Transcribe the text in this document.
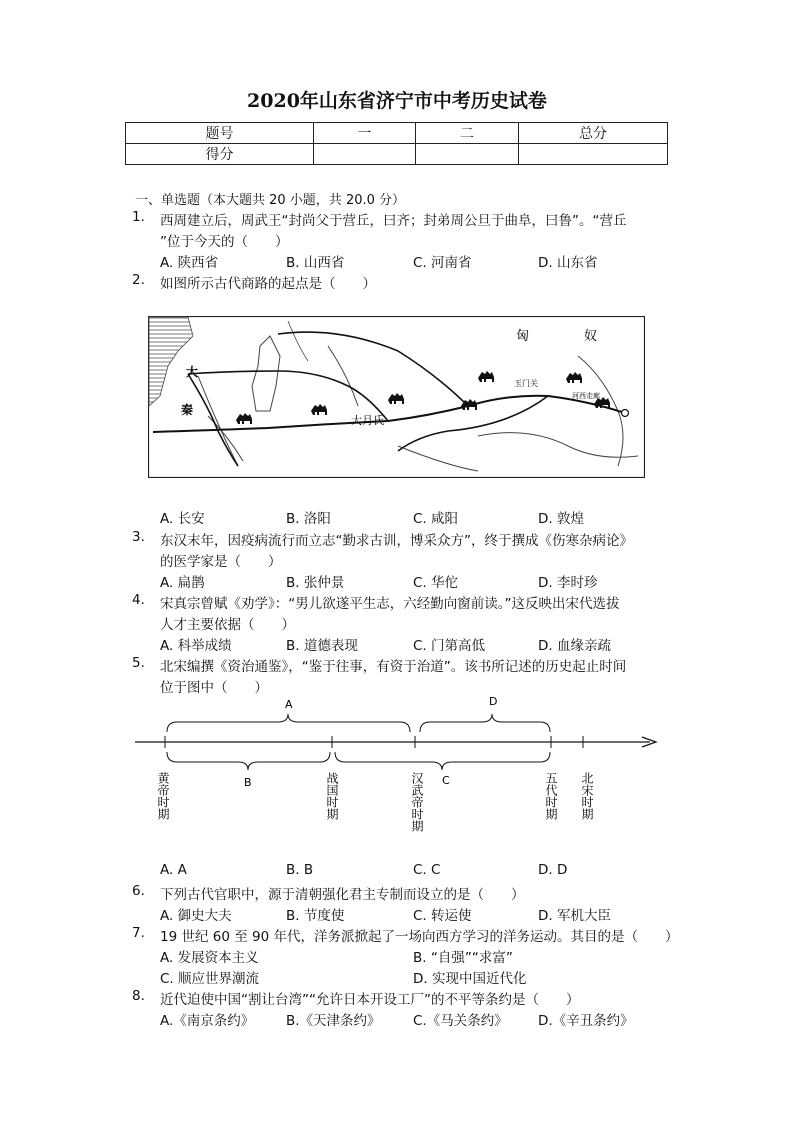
2020年山东省济宁市中考历史试卷
题号	一	二	总分
得分			
一、单选题（本大题共 20 小题，共 20.0 分）
1. 西周建立后，周武王“封尚父于营丘，曰齐；封弟周公旦于曲阜，曰鲁”。“营丘
”位于今天的（　　）
A. 陕西省	B. 山西省	C. 河南省	D. 山东省
2. 如图所示古代商路的起点是（　　）
匈	奴
大
秦
大月氏
玉门关
河西走廊
A. 长安	B. 洛阳	C. 咸阳	D. 敦煌
3. 东汉末年，因疫病流行而立志“勤求古训，博采众方”，终于撰成《伤寒杂病论》
的医学家是（　　）
A. 扁鹊	B. 张仲景	C. 华佗	D. 李时珍
4. 宋真宗曾赋《劝学》：“男儿欲遂平生志，六经勤向窗前读。”这反映出宋代选拔
人才主要依据（　　）
A. 科举成绩	B. 道德表现	C. 门第高低	D. 血缘亲疏
5. 北宋编撰《资治通鉴》，“鉴于往事，有资于治道”。该书所记述的历史起止时间
位于图中（　　）
A	D
B	C
黄帝时期	战国时期	汉武帝时期	五代时期 北宋时期
A. A	B. B	C. C	D. D
6. 下列古代官职中，源于清朝强化君主专制而设立的是（　　）
A. 御史大夫	B. 节度使	C. 转运使	D. 军机大臣
7. 19 世纪 60 至 90 年代，洋务派掀起了一场向西方学习的洋务运动。其目的是（　　）
A. 发展资本主义	B. “自强”“求富”
C. 顺应世界潮流	D. 实现中国近代化
8. 近代迫使中国“割让台湾”“允许日本开设工厂”的不平等条约是（　　）
A.《南京条约》 B.《天津条约》 C.《马关条约》 D.《辛丑条约》
